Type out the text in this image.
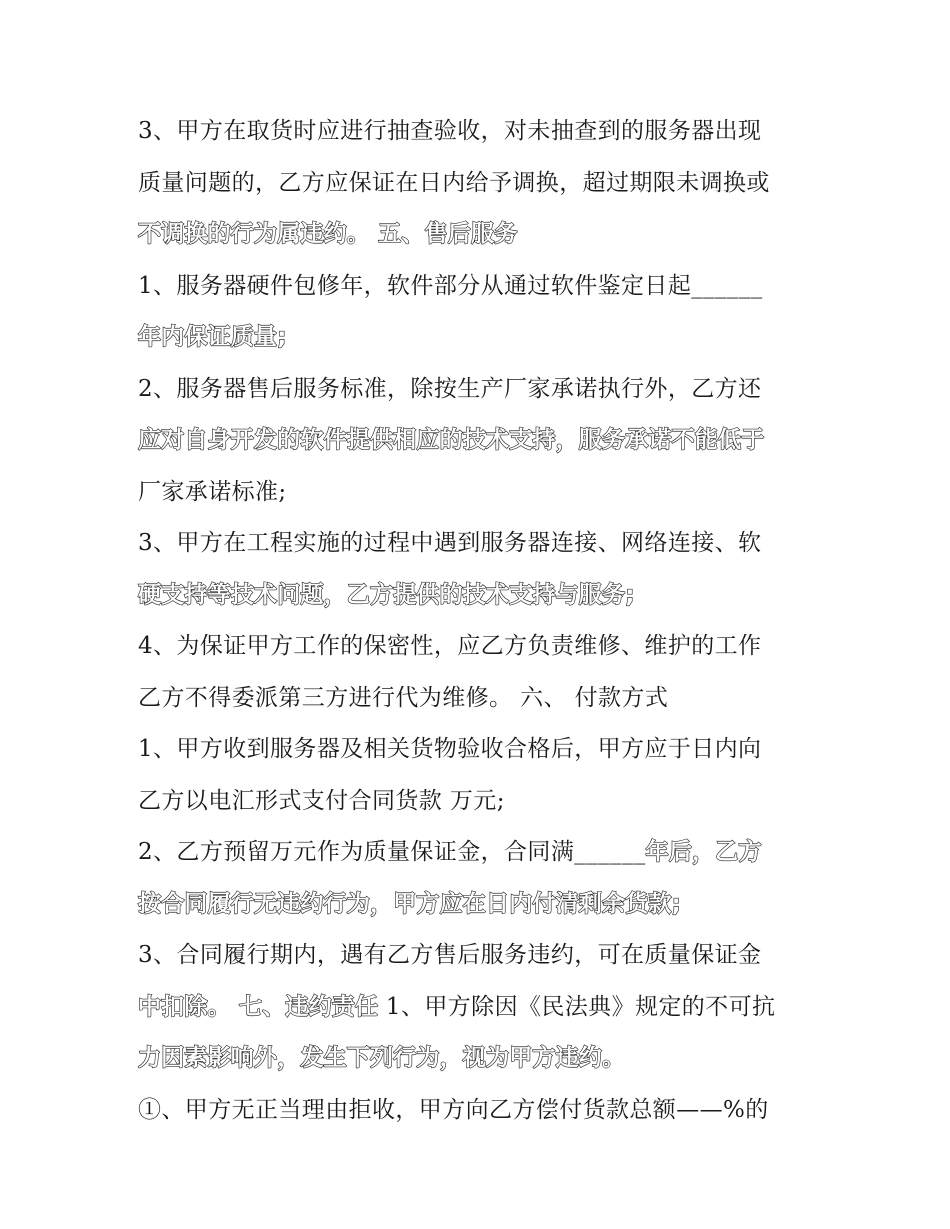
3、甲方在取货时应进行抽查验收，对未抽查到的服务器出现
质量问题的，乙方应保证在日内给予调换，超过期限未调换或
不调换的行为属违约。 五、售后服务
1、服务器硬件包修年，软件部分从通过软件鉴定日起______
年内保证质量;
2、服务器售后服务标准，除按生产厂家承诺执行外，乙方还
应对自身开发的软件提供相应的技术支持，服务承诺不能低于
厂家承诺标准;
3、甲方在工程实施的过程中遇到服务器连接、网络连接、软
硬支持等技术问题，乙方提供的技术支持与服务;
4、为保证甲方工作的保密性，应乙方负责维修、维护的工作
乙方不得委派第三方进行代为维修。 六、 付款方式
1、甲方收到服务器及相关货物验收合格后，甲方应于日内向
乙方以电汇形式支付合同货款 万元;
2、乙方预留万元作为质量保证金，合同满______年后，乙方
按合同履行无违约行为，甲方应在日内付清剩余货款;
3、合同履行期内，遇有乙方售后服务违约，可在质量保证金
中扣除。 七、违约责任 1、甲方除因《民法典》规定的不可抗
力因素影响外，发生下列行为，视为甲方违约。
①、甲方无正当理由拒收，甲方向乙方偿付货款总额——%的
